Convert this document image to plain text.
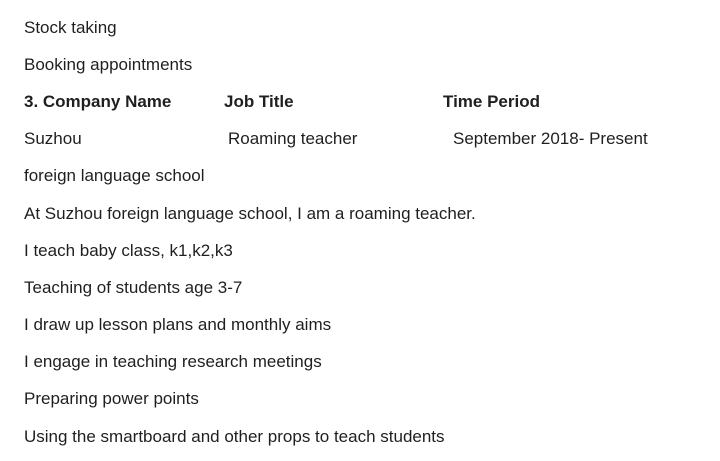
Stock taking
Booking appointments
3. Company Name	Job Title	Time Period
Suzhou	Roaming teacher	September 2018- Present
foreign language school
At Suzhou foreign language school, I am a roaming teacher.
I teach baby class, k1,k2,k3
Teaching of students age 3-7
I draw up lesson plans and monthly aims
I engage in teaching research meetings
Preparing power points
Using the smartboard and other props to teach students
